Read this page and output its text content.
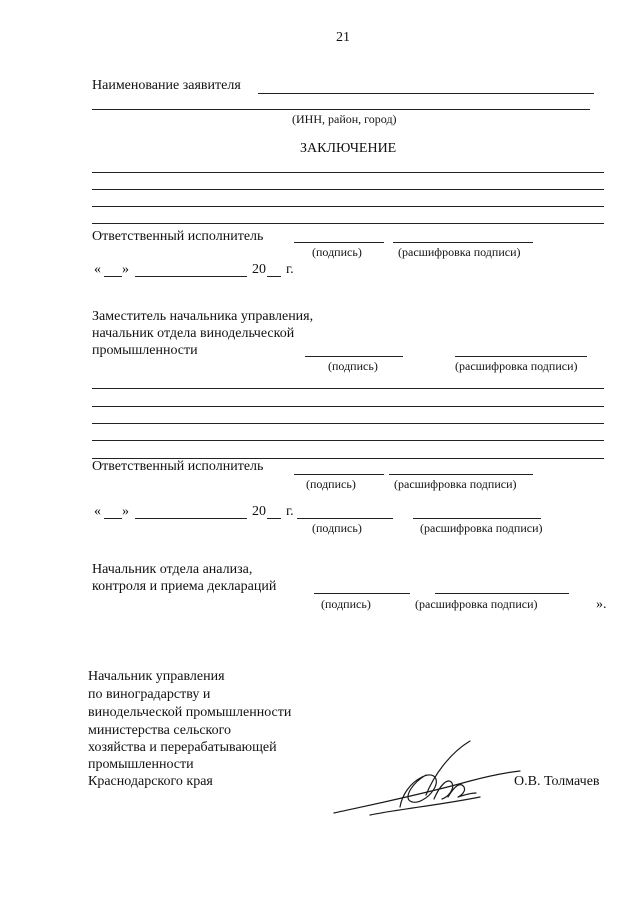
21
Наименование заявителя
(ИНН, район, город)
ЗАКЛЮЧЕНИЕ
Ответственный исполнитель
(подпись)	(расшифровка подписи)
« »	20 г.
Заместитель начальника управления,
начальник отдела винодельческой
промышленности
(подпись)	(расшифровка подписи)
Ответственный исполнитель
(подпись)	(расшифровка подписи)
« »	20 г.
(подпись)	(расшифровка подписи)
Начальник отдела анализа,
контроля и приема деклараций
(подпись)	(расшифровка подписи)	».
Начальник управления
по виноградарству и
винодельческой промышленности
министерства сельского
хозяйства и перерабатывающей
промышленности
Краснодарского края	О.В. Толмачев
